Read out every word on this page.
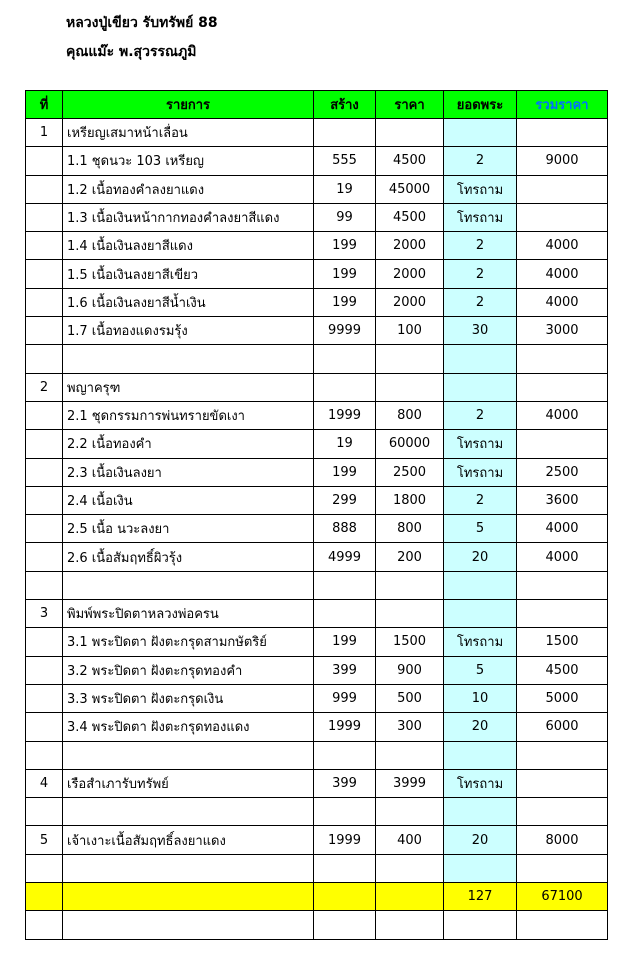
หลวงปู่เขียว รับทรัพย์ 88
คุณแม๊ะ พ.สุวรรณภูมิ
ที่	รายการ	สร้าง	ราคา	ยอดพระ	รวมราคา
1	เหรียญเสมาหน้าเลื่อน				
	1.1 ชุดนวะ 103 เหรียญ	555	4500	2	9000
	1.2 เนื้อทองคำลงยาแดง	19	45000	โทรถาม	
	1.3 เนื้อเงินหน้ากากทองคำลงยาสีแดง	99	4500	โทรถาม	
	1.4 เนื้อเงินลงยาสีแดง	199	2000	2	4000
	1.5 เนื้อเงินลงยาสีเขียว	199	2000	2	4000
	1.6 เนื้อเงินลงยาสีน้ำเงิน	199	2000	2	4000
	1.7 เนื้อทองแดงรมรุ้ง	9999	100	30	3000

2	พญาครุฑ				
	2.1 ชุดกรรมการพ่นทรายขัดเงา	1999	800	2	4000
	2.2 เนื้อทองคำ	19	60000	โทรถาม	
	2.3 เนื้อเงินลงยา	199	2500	โทรถาม	2500
	2.4 เนื้อเงิน	299	1800	2	3600
	2.5 เนื้อ นวะลงยา	888	800	5	4000
	2.6 เนื้อสัมฤทธิ์ผิวรุ้ง	4999	200	20	4000

3	พิมพ์พระปิดตาหลวงพ่อครน				
	3.1 พระปิดตา ฝังตะกรุดสามกษัตริย์	199	1500	โทรถาม	1500
	3.2 พระปิดตา ฝังตะกรุดทองคำ	399	900	5	4500
	3.3 พระปิดตา ฝังตะกรุดเงิน	999	500	10	5000
	3.4 พระปิดตา ฝังตะกรุดทองแดง	1999	300	20	6000

4	เรือสำเภารับทรัพย์	399	3999	โทรถาม	

5	เจ้าเงาะเนื้อสัมฤทธิ์ลงยาแดง	1999	400	20	8000

				127	67100
